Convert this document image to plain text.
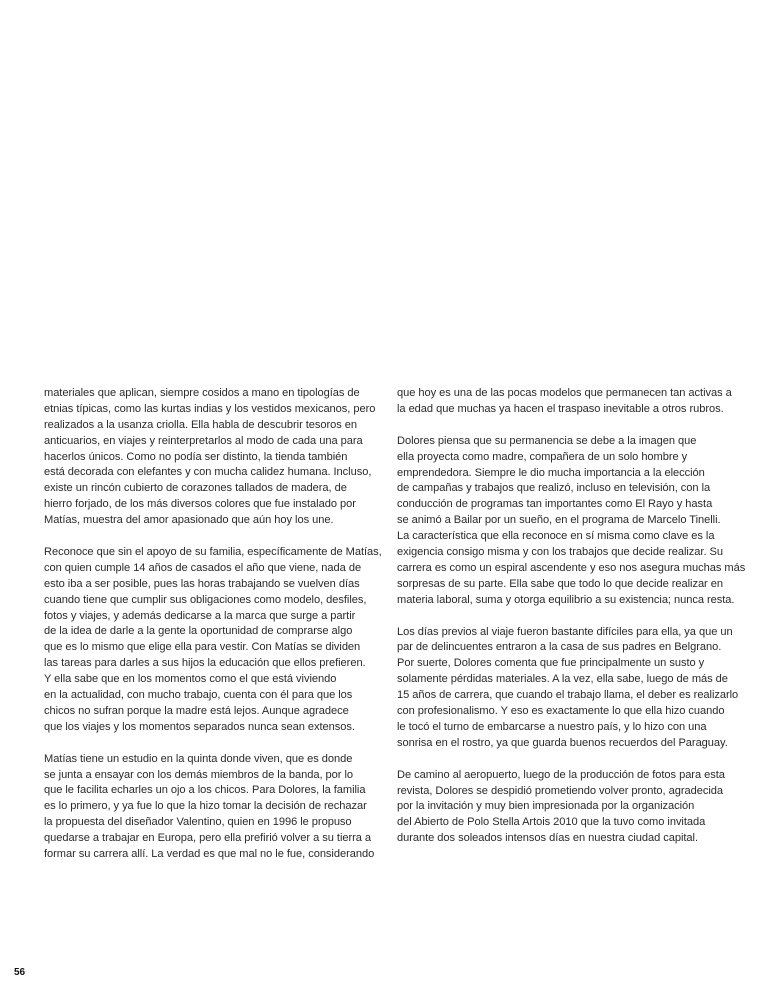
materiales que aplican, siempre cosidos a mano en tipologías de
etnias típicas, como las kurtas indias y los vestidos mexicanos, pero
realizados a la usanza criolla. Ella habla de descubrir tesoros en
anticuarios, en viajes y reinterpretarlos al modo de cada una para
hacerlos únicos. Como no podía ser distinto, la tienda también
está decorada con elefantes y con mucha calidez humana. Incluso,
existe un rincón cubierto de corazones tallados de madera, de
hierro forjado, de los más diversos colores que fue instalado por
Matías, muestra del amor apasionado que aún hoy los une.

Reconoce que sin el apoyo de su familia, específicamente de Matías,
con quien cumple 14 años de casados el año que viene, nada de
esto iba a ser posible, pues las horas trabajando se vuelven días
cuando tiene que cumplir sus obligaciones como modelo, desfiles,
fotos y viajes, y además dedicarse a la marca que surge a partir
de la idea de darle a la gente la oportunidad de comprarse algo
que es lo mismo que elige ella para vestir. Con Matías se dividen
las tareas para darles a sus hijos la educación que ellos prefieren.
Y ella sabe que en los momentos como el que está viviendo
en la actualidad, con mucho trabajo, cuenta con él para que los
chicos no sufran porque la madre está lejos. Aunque agradece
que los viajes y los momentos separados nunca sean extensos.

Matías tiene un estudio en la quinta donde viven, que es donde
se junta a ensayar con los demás miembros de la banda, por lo
que le facilita echarles un ojo a los chicos. Para Dolores, la familia
es lo primero, y ya fue lo que la hizo tomar la decisión de rechazar
la propuesta del diseñador Valentino, quien en 1996 le propuso
quedarse a trabajar en Europa, pero ella prefirió volver a su tierra a
formar su carrera allí. La verdad es que mal no le fue, considerando

que hoy es una de las pocas modelos que permanecen tan activas a
la edad que muchas ya hacen el traspaso inevitable a otros rubros.

Dolores piensa que su permanencia se debe a la imagen que
ella proyecta como madre, compañera de un solo hombre y
emprendedora. Siempre le dio mucha importancia a la elección
de campañas y trabajos que realizó, incluso en televisión, con la
conducción de programas tan importantes como El Rayo y hasta
se animó a Bailar por un sueño, en el programa de Marcelo Tinelli.
La característica que ella reconoce en sí misma como clave es la
exigencia consigo misma y con los trabajos que decide realizar. Su
carrera es como un espiral ascendente y eso nos asegura muchas más
sorpresas de su parte. Ella sabe que todo lo que decide realizar en
materia laboral, suma y otorga equilibrio a su existencia; nunca resta.

Los días previos al viaje fueron bastante difíciles para ella, ya que un
par de delincuentes entraron a la casa de sus padres en Belgrano.
Por suerte, Dolores comenta que fue principalmente un susto y
solamente pérdidas materiales. A la vez, ella sabe, luego de más de
15 años de carrera, que cuando el trabajo llama, el deber es realizarlo
con profesionalismo. Y eso es exactamente lo que ella hizo cuando
le tocó el turno de embarcarse a nuestro país, y lo hizo con una
sonrisa en el rostro, ya que guarda buenos recuerdos del Paraguay.

De camino al aeropuerto, luego de la producción de fotos para esta
revista, Dolores se despidió prometiendo volver pronto, agradecida
por la invitación y muy bien impresionada por la organización
del Abierto de Polo Stella Artois 2010 que la tuvo como invitada
durante dos soleados intensos días en nuestra ciudad capital.

56
